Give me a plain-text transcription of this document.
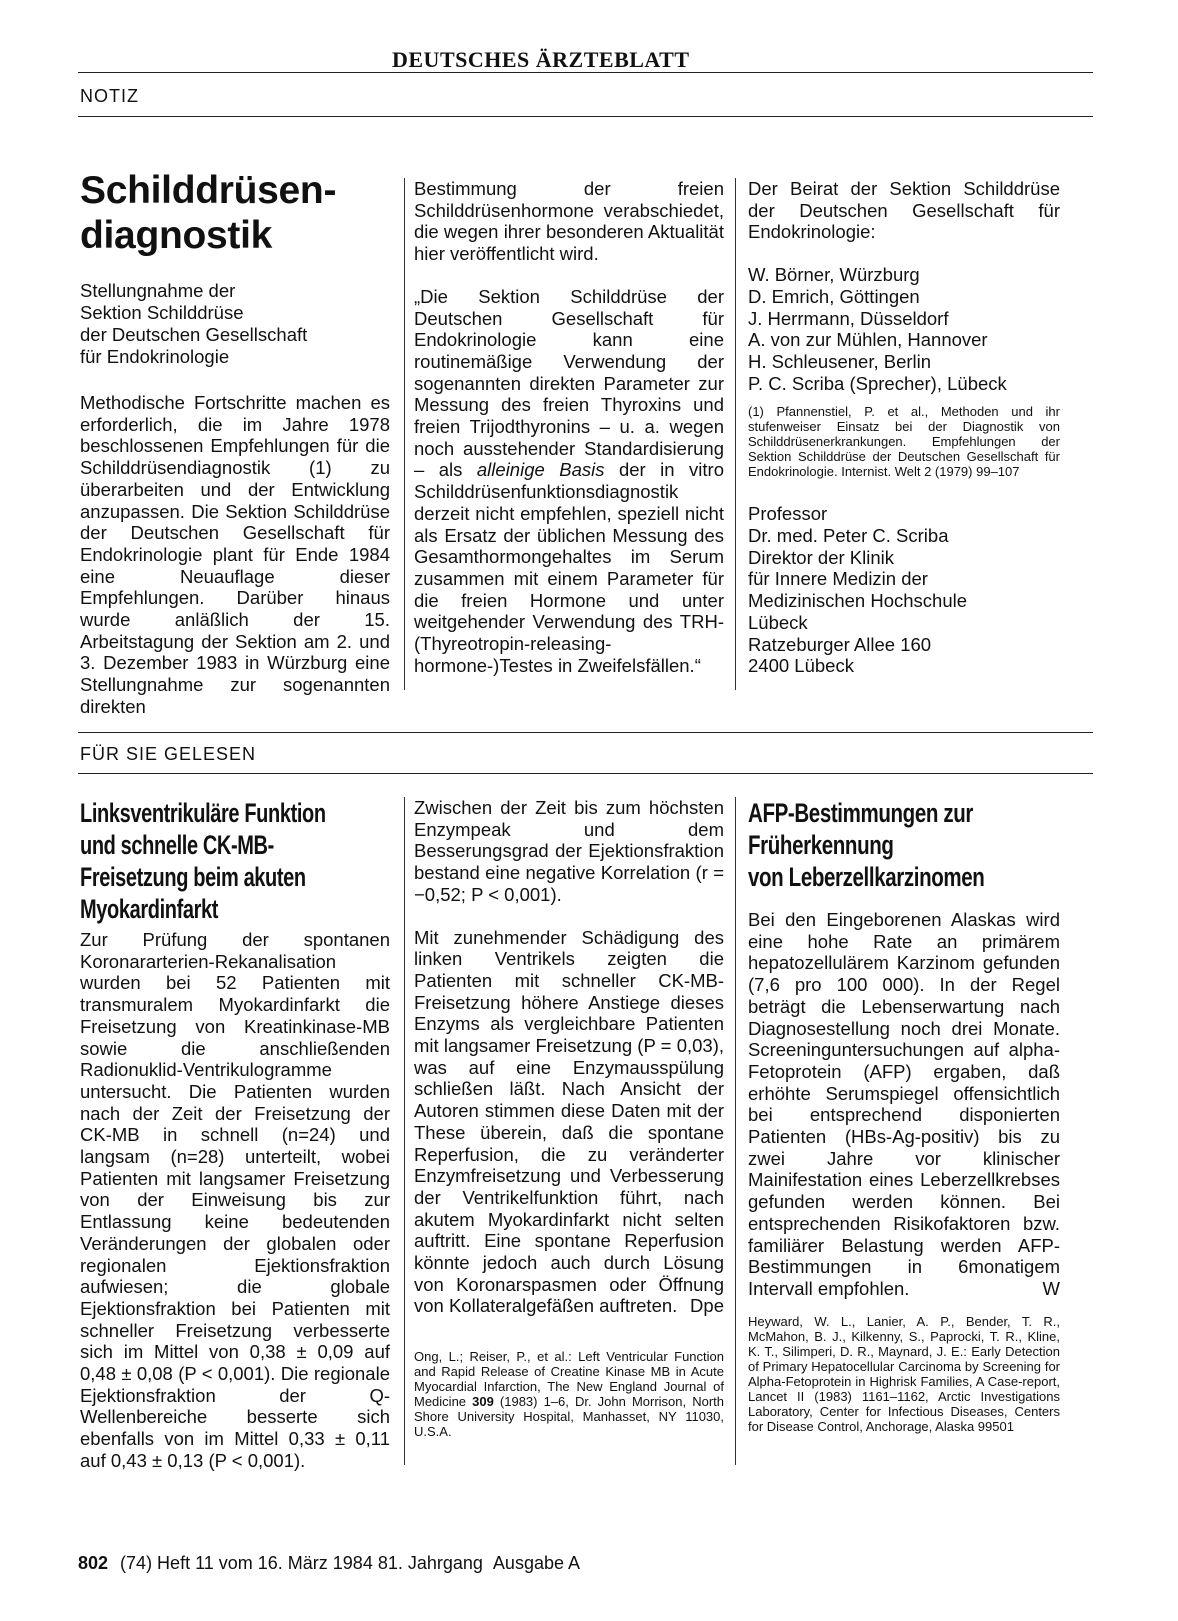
DEUTSCHES ÄRZTEBLATT
NOTIZ
Schilddrüsen-
diagnostik
Stellungnahme der
Sektion Schilddrüse
der Deutschen Gesellschaft
für Endokrinologie

Methodische Fortschritte machen es erforderlich, die im Jahre 1978 beschlossenen Empfehlungen für die Schilddrüsendiagnostik (1) zu überarbeiten und der Entwicklung anzupassen. Die Sektion Schilddrüse der Deutschen Gesellschaft für Endokrinologie plant für Ende 1984 eine Neuauflage dieser Empfehlungen. Darüber hinaus wurde anläßlich der 15. Arbeitstagung der Sektion am 2. und 3. Dezember 1983 in Würzburg eine Stellungnahme zur sogenannten direkten

Bestimmung der freien Schilddrüsenhormone verabschiedet, die wegen ihrer besonderen Aktualität hier veröffentlicht wird.

„Die Sektion Schilddrüse der Deutschen Gesellschaft für Endokrinologie kann eine routinemäßige Verwendung der sogenannten direkten Parameter zur Messung des freien Thyroxins und freien Trijodthyronins – u. a. wegen noch ausstehender Standardisierung – als alleinige Basis der in vitro Schilddrüsenfunktionsdiagnostik derzeit nicht empfehlen, speziell nicht als Ersatz der üblichen Messung des Gesamthormongehaltes im Serum zusammen mit einem Parameter für die freien Hormone und unter weitgehender Verwendung des TRH-(Thyreotropin-releasing-hormone-)Testes in Zweifelsfällen.“

Der Beirat der Sektion Schilddrüse der Deutschen Gesellschaft für Endokrinologie:

W. Börner, Würzburg
D. Emrich, Göttingen
J. Herrmann, Düsseldorf
A. von zur Mühlen, Hannover
H. Schleusener, Berlin
P. C. Scriba (Sprecher), Lübeck

(1) Pfannenstiel, P. et al., Methoden und ihr stufenweiser Einsatz bei der Diagnostik von Schilddrüsenerkrankungen. Empfehlungen der Sektion Schilddrüse der Deutschen Gesellschaft für Endokrinologie. Internist. Welt 2 (1979) 99–107

Professor
Dr. med. Peter C. Scriba
Direktor der Klinik
für Innere Medizin der
Medizinischen Hochschule
Lübeck
Ratzeburger Allee 160
2400 Lübeck
FÜR SIE GELESEN
Linksventrikuläre Funktion
und schnelle CK-MB-
Freisetzung beim akuten
Myokardinfarkt

Zur Prüfung der spontanen Koronararterien-Rekanalisation wurden bei 52 Patienten mit transmuralem Myokardinfarkt die Freisetzung von Kreatinkinase-MB sowie die anschließenden Radionuklid-Ventrikulogramme untersucht. Die Patienten wurden nach der Zeit der Freisetzung der CK-MB in schnell (n=24) und langsam (n=28) unterteilt, wobei Patienten mit langsamer Freisetzung von der Einweisung bis zur Entlassung keine bedeutenden Veränderungen der globalen oder regionalen Ejektionsfraktion aufwiesen; die globale Ejektionsfraktion bei Patienten mit schneller Freisetzung verbesserte sich im Mittel von 0,38 ± 0,09 auf 0,48 ± 0,08 (P < 0,001). Die regionale Ejektionsfraktion der Q-Wellenbereiche besserte sich ebenfalls von im Mittel 0,33 ± 0,11 auf 0,43 ± 0,13 (P < 0,001).

Zwischen der Zeit bis zum höchsten Enzympeak und dem Besserungsgrad der Ejektionsfraktion bestand eine negative Korrelation (r = −0,52; P < 0,001).

Mit zunehmender Schädigung des linken Ventrikels zeigten die Patienten mit schneller CK-MB-Freisetzung höhere Anstiege dieses Enzyms als vergleichbare Patienten mit langsamer Freisetzung (P = 0,03), was auf eine Enzymausspülung schließen läßt. Nach Ansicht der Autoren stimmen diese Daten mit der These überein, daß die spontane Reperfusion, die zu veränderter Enzymfreisetzung und Verbesserung der Ventrikelfunktion führt, nach akutem Myokardinfarkt nicht selten auftritt. Eine spontane Reperfusion könnte jedoch auch durch Lösung von Koronarspasmen oder Öffnung von Kollateralgefäßen auftreten. Dpe

Ong, L.; Reiser, P., et al.: Left Ventricular Function and Rapid Release of Creatine Kinase MB in Acute Myocardial Infarction, The New England Journal of Medicine 309 (1983) 1–6, Dr. John Morrison, North Shore University Hospital, Manhasset, NY 11030, U.S.A.

AFP-Bestimmungen zur
Früherkennung
von Leberzellkarzinomen

Bei den Eingeborenen Alaskas wird eine hohe Rate an primärem hepatozellulärem Karzinom gefunden (7,6 pro 100 000). In der Regel beträgt die Lebenserwartung nach Diagnosestellung noch drei Monate. Screeninguntersuchungen auf alpha-Fetoprotein (AFP) ergaben, daß erhöhte Serumspiegel offensichtlich bei entsprechend disponierten Patienten (HBs-Ag-positiv) bis zu zwei Jahre vor klinischer Mainifestation eines Leberzellkrebses gefunden werden können. Bei entsprechenden Risikofaktoren bzw. familiärer Belastung werden AFP-Bestimmungen in 6monatigem Intervall empfohlen.	W

Heyward, W. L., Lanier, A. P., Bender, T. R., McMahon, B. J., Kilkenny, S., Paprocki, T. R., Kline, K. T., Silimperi, D. R., Maynard, J. E.: Early Detection of Primary Hepatocellular Carcinoma by Screening for Alpha-Fetoprotein in Highrisk Families, A Case-report, Lancet II (1983) 1161–1162, Arctic Investigations Laboratory, Center for Infectious Diseases, Centers for Disease Control, Anchorage, Alaska 99501

802 (74) Heft 11 vom 16. März 1984 81. Jahrgang Ausgabe A
